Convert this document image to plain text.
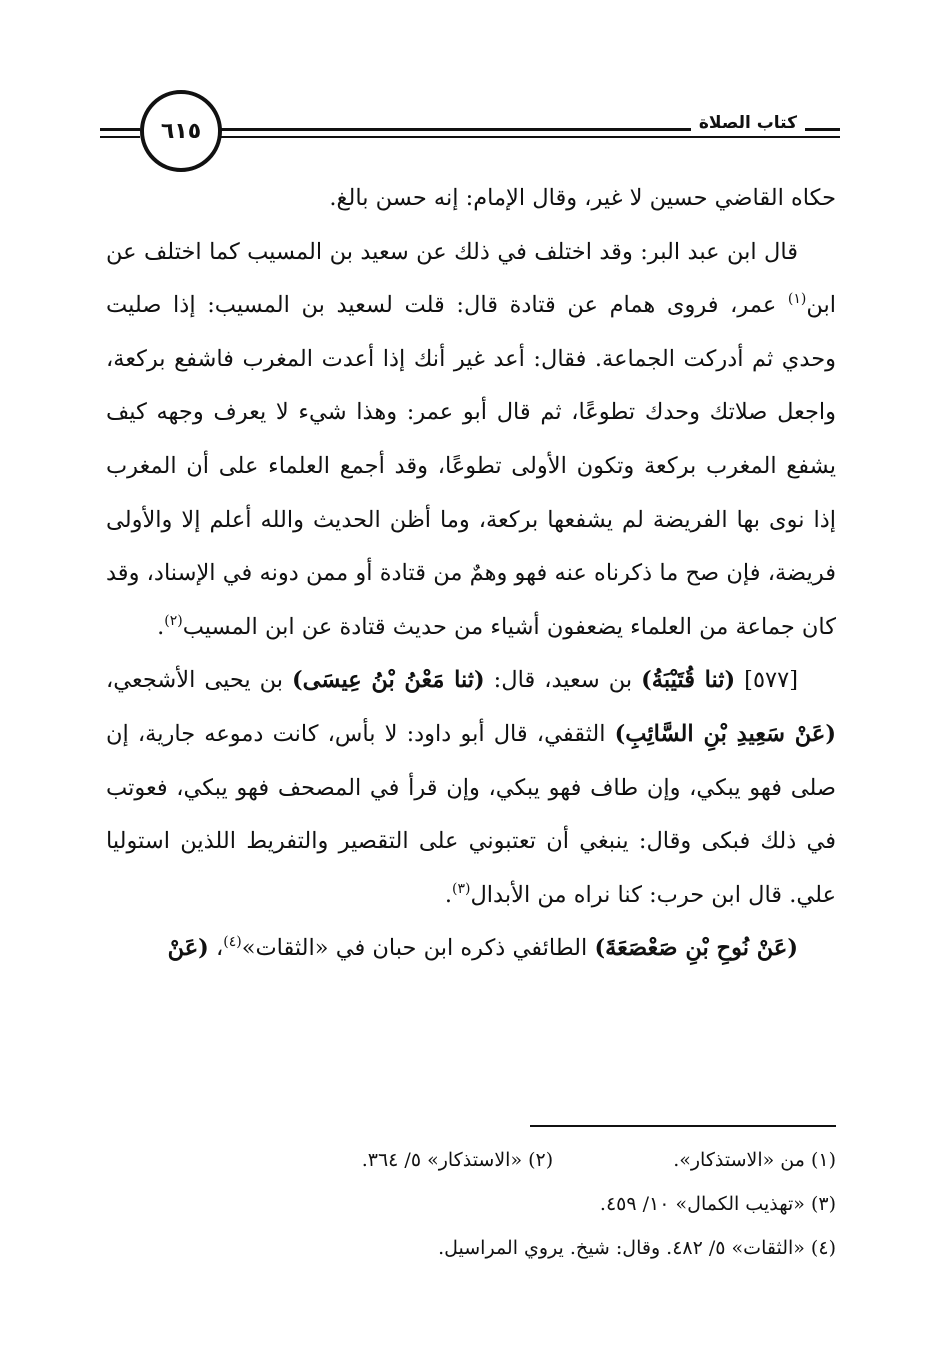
٦١٥	كتاب الصلاة

حكاه القاضي حسين لا غير، وقال الإمام: إنه حسن بالغ.

قال ابن عبد البر: وقد اختلف في ذلك عن سعيد بن المسيب كما اختلف عن ابن$^{(١)}$ عمر، فروى همام عن قتادة قال: قلت لسعيد بن المسيب: إذا صليت وحدي ثم أدركت الجماعة. فقال: أعد غير أنك إذا أعدت المغرب فاشفع بركعة، واجعل صلاتك وحدك تطوعًا، ثم قال أبو عمر: وهذا شيء لا يعرف وجهه كيف يشفع المغرب بركعة وتكون الأولى تطوعًا، وقد أجمع العلماء على أن المغرب إذا نوى بها الفريضة لم يشفعها بركعة، وما أظن الحديث والله أعلم إلا والأولى فريضة، فإن صح ما ذكرناه عنه فهو وهمٌ من قتادة أو ممن دونه في الإسناد، وقد كان جماعة من العلماء يضعفون أشياء من حديث قتادة عن ابن المسيب$^{(٢)}$.

[٥٧٧] (ثنا قُتَيْبَةُ) بن سعيد، قال: (ثنا مَعْنُ بْنُ عِيسَى) بن يحيى الأشجعي، (عَنْ سَعِيدِ بْنِ السَّائِبِ) الثقفي، قال أبو داود: لا بأس، كانت دموعه جارية، إن صلى فهو يبكي، وإن طاف فهو يبكي، وإن قرأ في المصحف فهو يبكي، فعوتب في ذلك فبكى وقال: ينبغي أن تعتبوني على التقصير والتفريط اللذين استوليا علي. قال ابن حرب: كنا نراه من الأبدال$^{(٣)}$.

(عَنْ نُوحِ بْنِ صَعْصَعَةَ) الطائفي ذكره ابن حبان في «الثقات»$^{(٤)}$، (عَنْ

(١) من «الاستذكار».(٢) «الاستذكار» ٥/ ٣٦٤.
(٣) «تهذيب الكمال» ١٠/ ٤٥٩.
(٤) «الثقات» ٥/ ٤٨٢. وقال: شيخ. يروي المراسيل.
